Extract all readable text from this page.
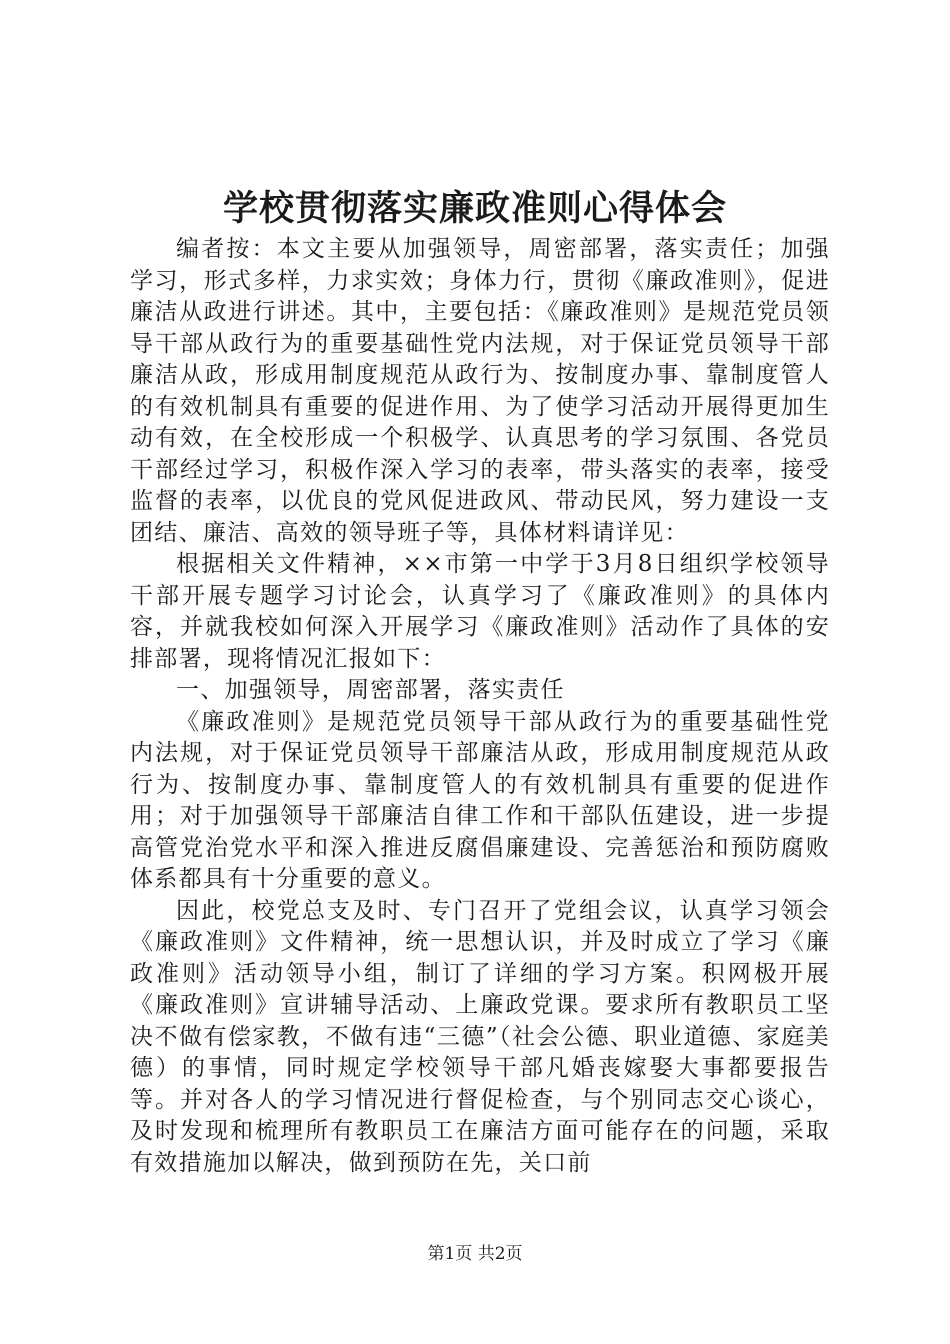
学校贯彻落实廉政准则心得体会

编者按：本文主要从加强领导，周密部署，落实责任；加强学习，形式多样，力求实效；身体力行，贯彻《廉政准则》，促进廉洁从政进行讲述。其中，主要包括：《廉政准则》是规范党员领导干部从政行为的重要基础性党内法规，对于保证党员领导干部廉洁从政，形成用制度规范从政行为、按制度办事、靠制度管人的有效机制具有重要的促进作用、为了使学习活动开展得更加生动有效，在全校形成一个积极学、认真思考的学习氛围、各党员干部经过学习，积极作深入学习的表率，带头落实的表率，接受监督的表率，以优良的党风促进政风、带动民风，努力建设一支团结、廉洁、高效的领导班子等，具体材料请详见：

根据相关文件精神，××市第一中学于3月8日组织学校领导干部开展专题学习讨论会，认真学习了《廉政准则》的具体内容，并就我校如何深入开展学习《廉政准则》活动作了具体的安排部署，现将情况汇报如下：

一、加强领导，周密部署，落实责任

《廉政准则》是规范党员领导干部从政行为的重要基础性党内法规，对于保证党员领导干部廉洁从政，形成用制度规范从政行为、按制度办事、靠制度管人的有效机制具有重要的促进作用；对于加强领导干部廉洁自律工作和干部队伍建设，进一步提高管党治党水平和深入推进反腐倡廉建设、完善惩治和预防腐败体系都具有十分重要的意义。

因此，校党总支及时、专门召开了党组会议，认真学习领会《廉政准则》文件精神，统一思想认识，并及时成立了学习《廉政准则》活动领导小组，制订了详细的学习方案。积网极开展《廉政准则》宣讲辅导活动、上廉政党课。要求所有教职员工坚决不做有偿家教，不做有违“三德”（社会公德、职业道德、家庭美德）的事情，同时规定学校领导干部凡婚丧嫁娶大事都要报告等。并对各人的学习情况进行督促检查，与个别同志交心谈心，及时发现和梳理所有教职员工在廉洁方面可能存在的问题，采取有效措施加以解决，做到预防在先，关口前

第1页 共2页
